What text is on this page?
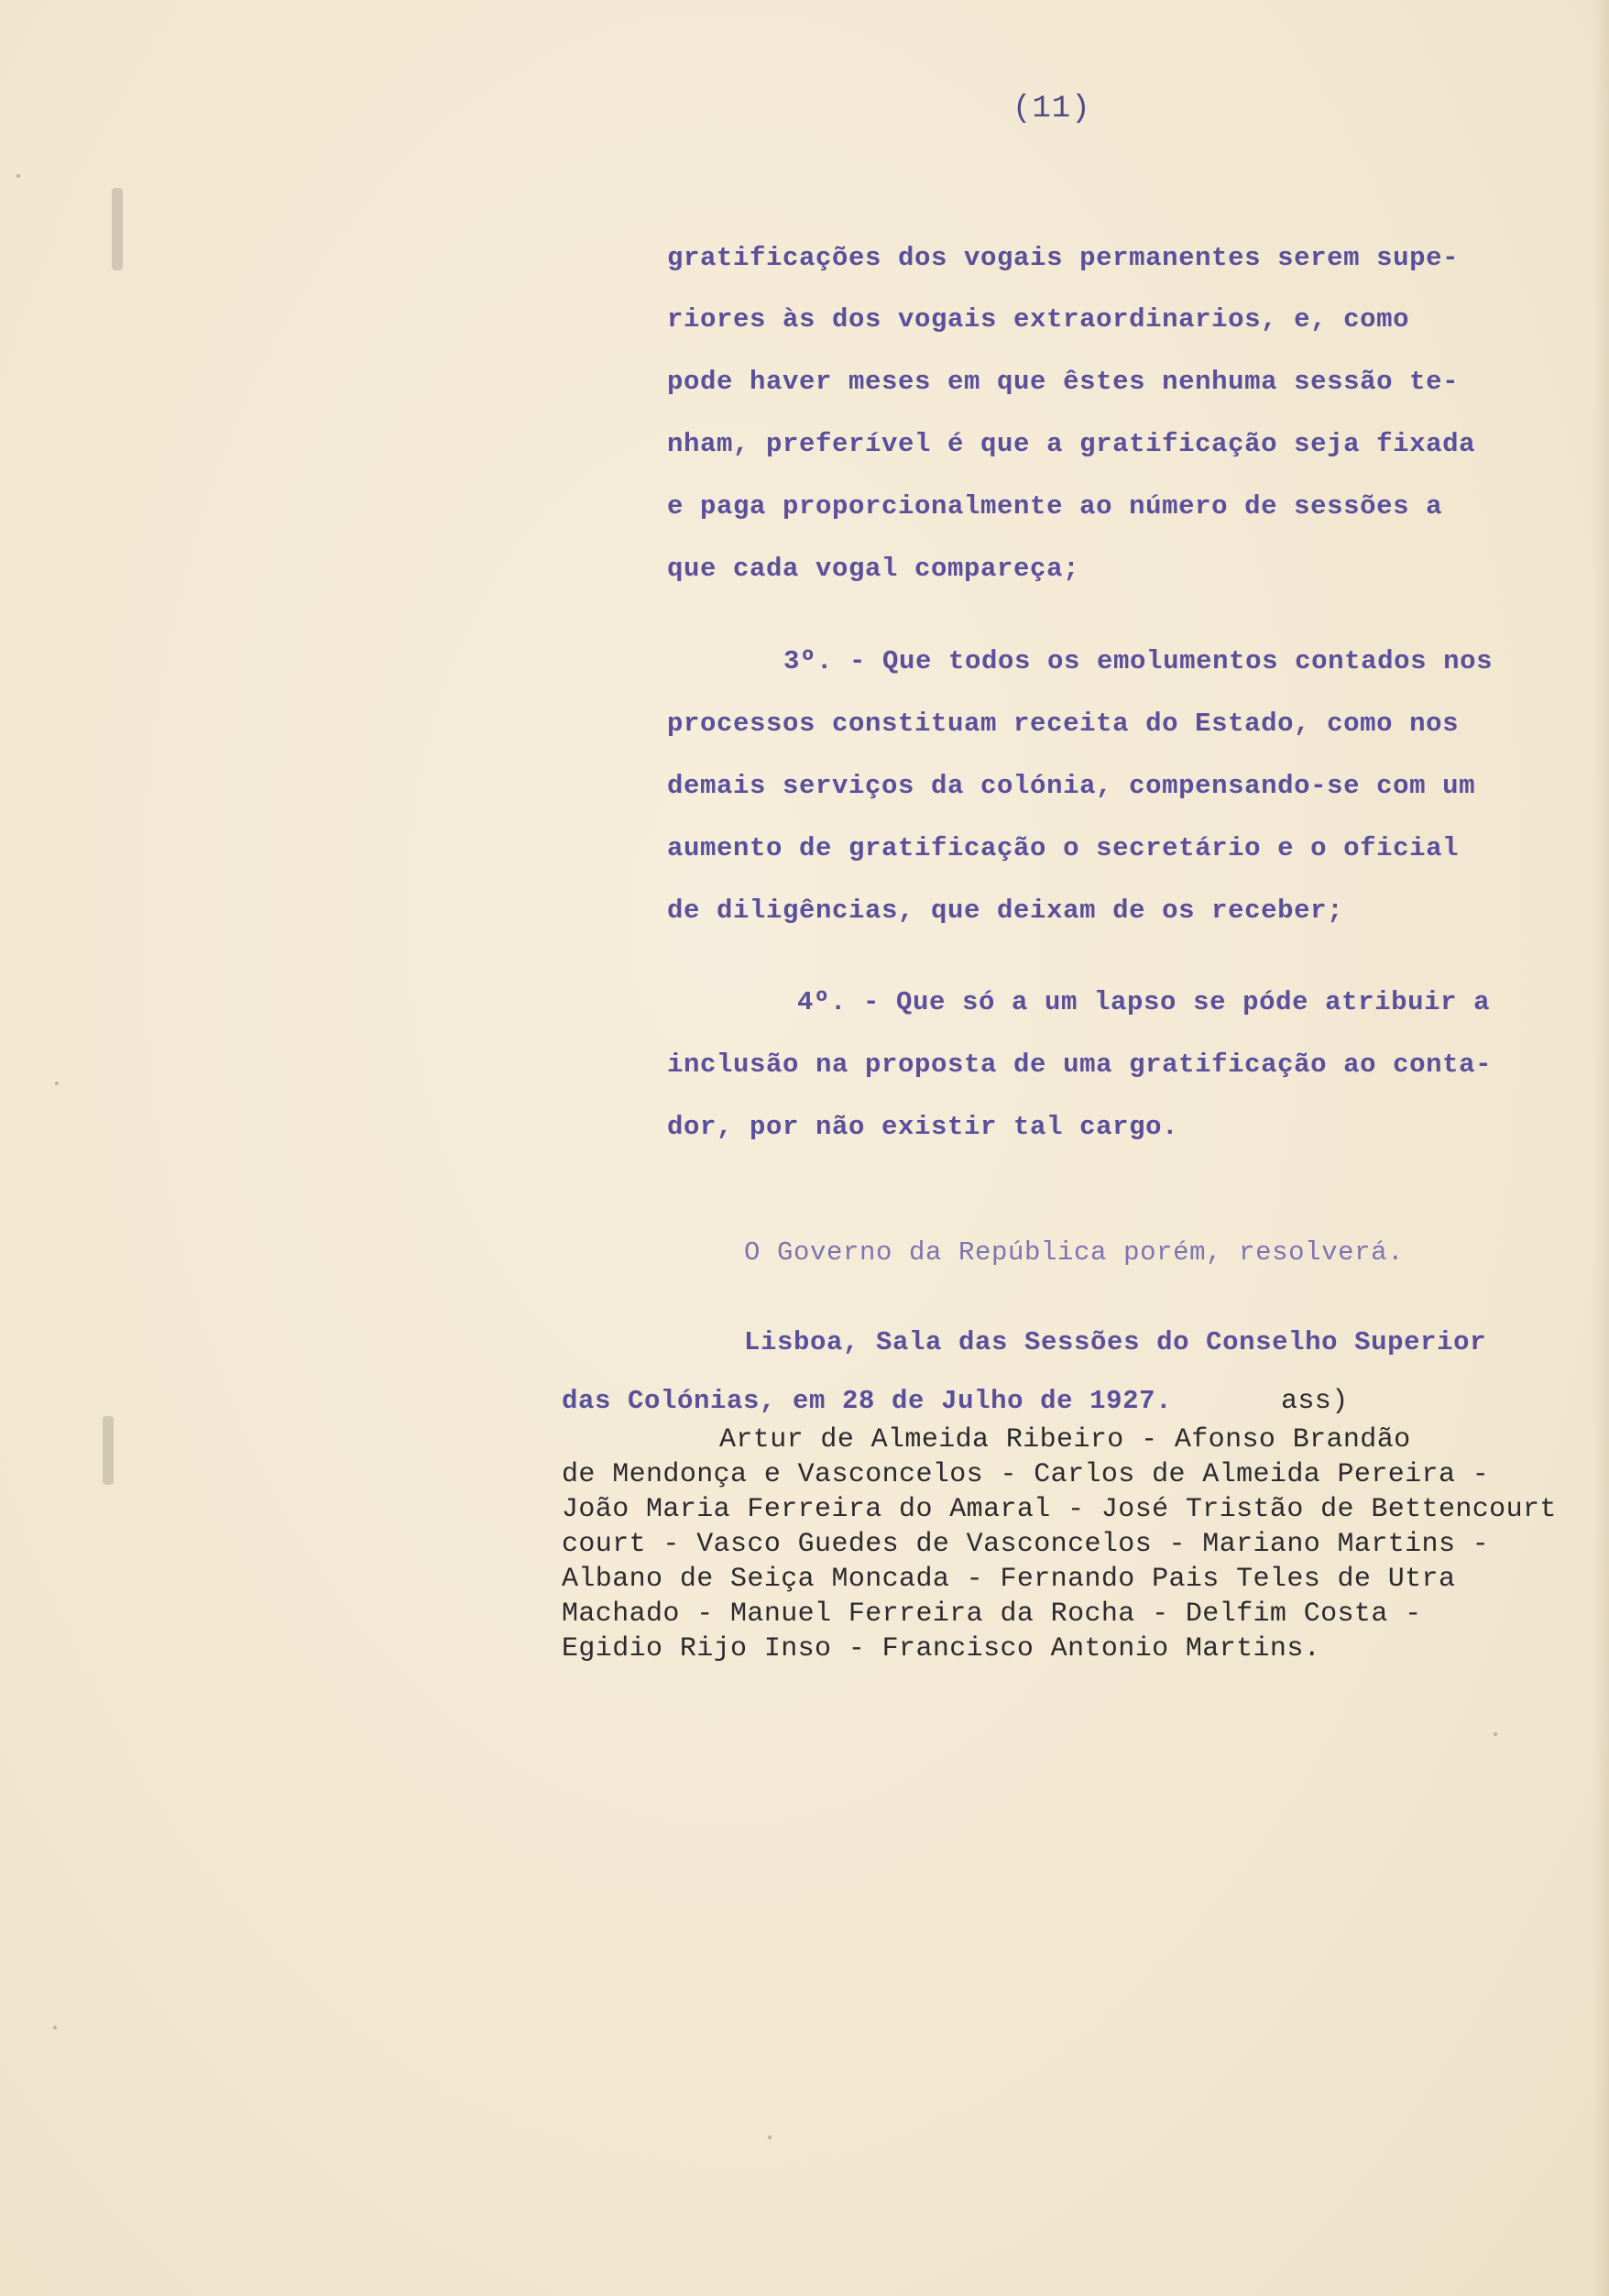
(11)
gratificações dos vogais permanentes serem supe-
riores às dos vogais extraordinarios, e, como
pode haver meses em que êstes nenhuma sessão te-
nham, preferível é que a gratificação seja fixada
e paga proporcionalmente ao número de sessões a
que cada vogal compareça;
3º. - Que todos os emolumentos contados nos
processos constituam receita do Estado, como nos
demais serviços da colónia, compensando-se com um
aumento de gratificação o secretário e o oficial
de diligências, que deixam de os receber;
4º. - Que só a um lapso se póde atribuir a
inclusão na proposta de uma gratificação ao conta-
dor, por não existir tal cargo.
O Governo da República porém, resolverá.
Lisboa, Sala das Sessões do Conselho Superior
das Colónias, em 28 de Julho de 1927.	ass)
Artur de Almeida Ribeiro - Afonso Brandão
de Mendonça e Vasconcelos - Carlos de Almeida Pereira -
João Maria Ferreira do Amaral - José Tristão de Bettencourt
court - Vasco Guedes de Vasconcelos - Mariano Martins -
Albano de Seiça Moncada - Fernando Pais Teles de Utra
Machado - Manuel Ferreira da Rocha - Delfim Costa -
Egidio Rijo Inso - Francisco Antonio Martins.
